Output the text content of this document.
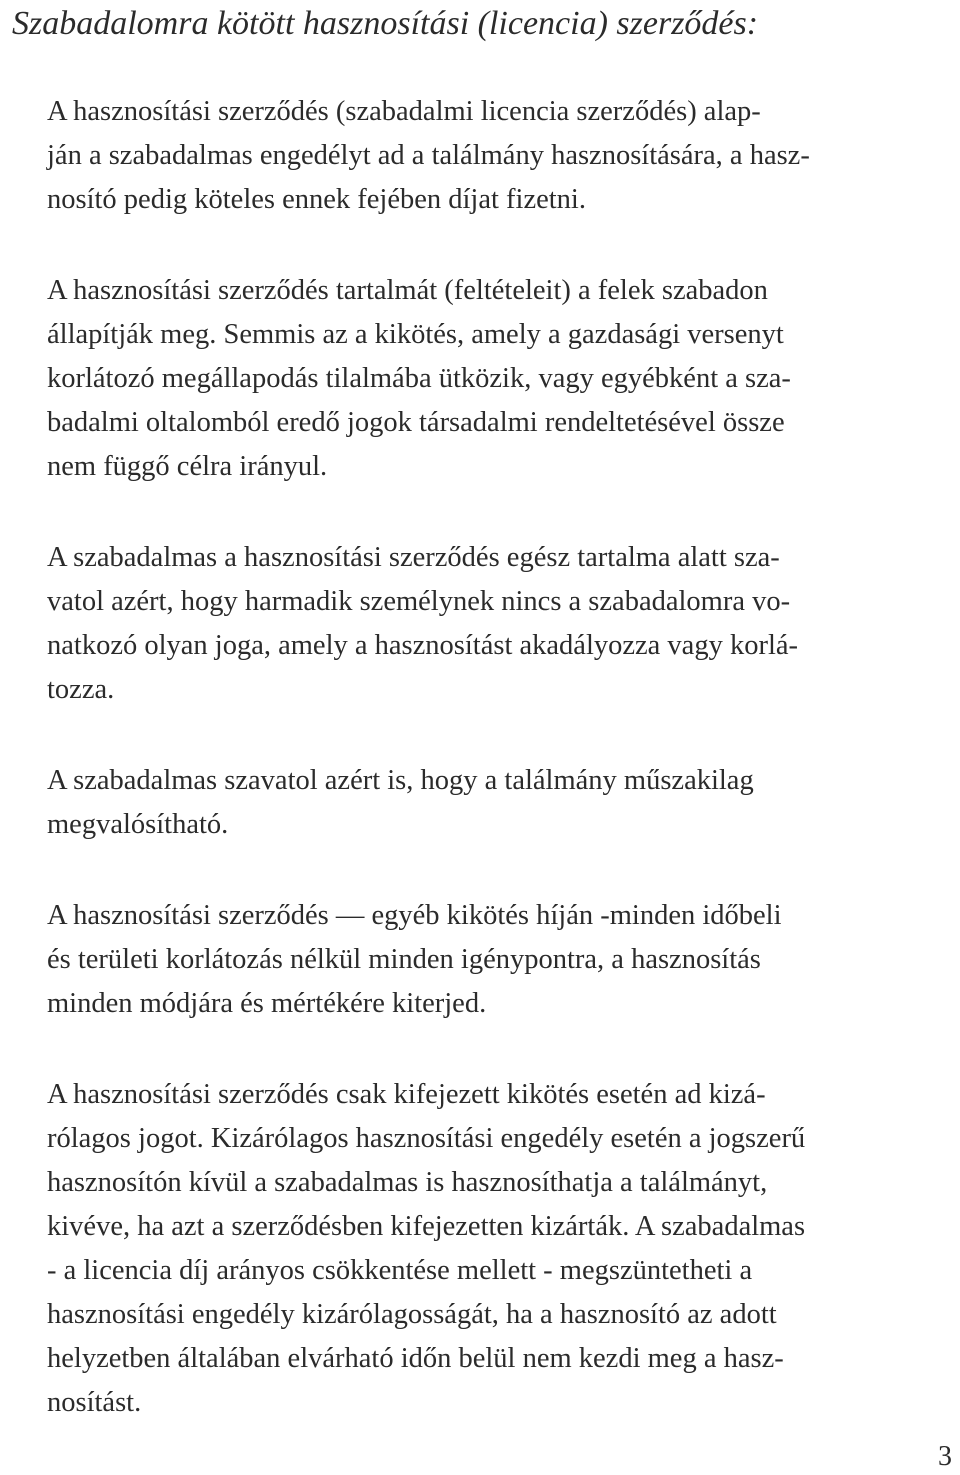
Szabadalomra kötött hasznosítási (licencia) szerződés:

A hasznosítási szerződés (szabadalmi licencia szerződés) alap-
ján a szabadalmas engedélyt ad a találmány hasznosítására, a hasz-
nosító pedig köteles ennek fejében díjat fizetni.

A hasznosítási szerződés tartalmát (feltételeit) a felek szabadon
állapítják meg. Semmis az a kikötés, amely a gazdasági versenyt
korlátozó megállapodás tilalmába ütközik, vagy egyébként a sza-
badalmi oltalomból eredő jogok társadalmi rendeltetésével össze
nem függő célra irányul.

A szabadalmas a hasznosítási szerződés egész tartalma alatt sza-
vatol azért, hogy harmadik személynek nincs a szabadalomra vo-
natkozó olyan joga, amely a hasznosítást akadályozza vagy korlá-
tozza.

A szabadalmas szavatol azért is, hogy a találmány műszakilag
megvalósítható.

A hasznosítási szerződés — egyéb kikötés híján -minden időbeli
és területi korlátozás nélkül minden igénypontra, a hasznosítás
minden módjára és mértékére kiterjed.

A hasznosítási szerződés csak kifejezett kikötés esetén ad kizá-
rólagos jogot. Kizárólagos hasznosítási engedély esetén a jogszerű
hasznosítón kívül a szabadalmas is hasznosíthatja a találmányt,
kivéve, ha azt a szerződésben kifejezetten kizárták. A szabadalmas
- a licencia díj arányos csökkentése mellett - megszüntetheti a
hasznosítási engedély kizárólagosságát, ha a hasznosító az adott
helyzetben általában elvárható időn belül nem kezdi meg a hasz-
nosítást.

3
